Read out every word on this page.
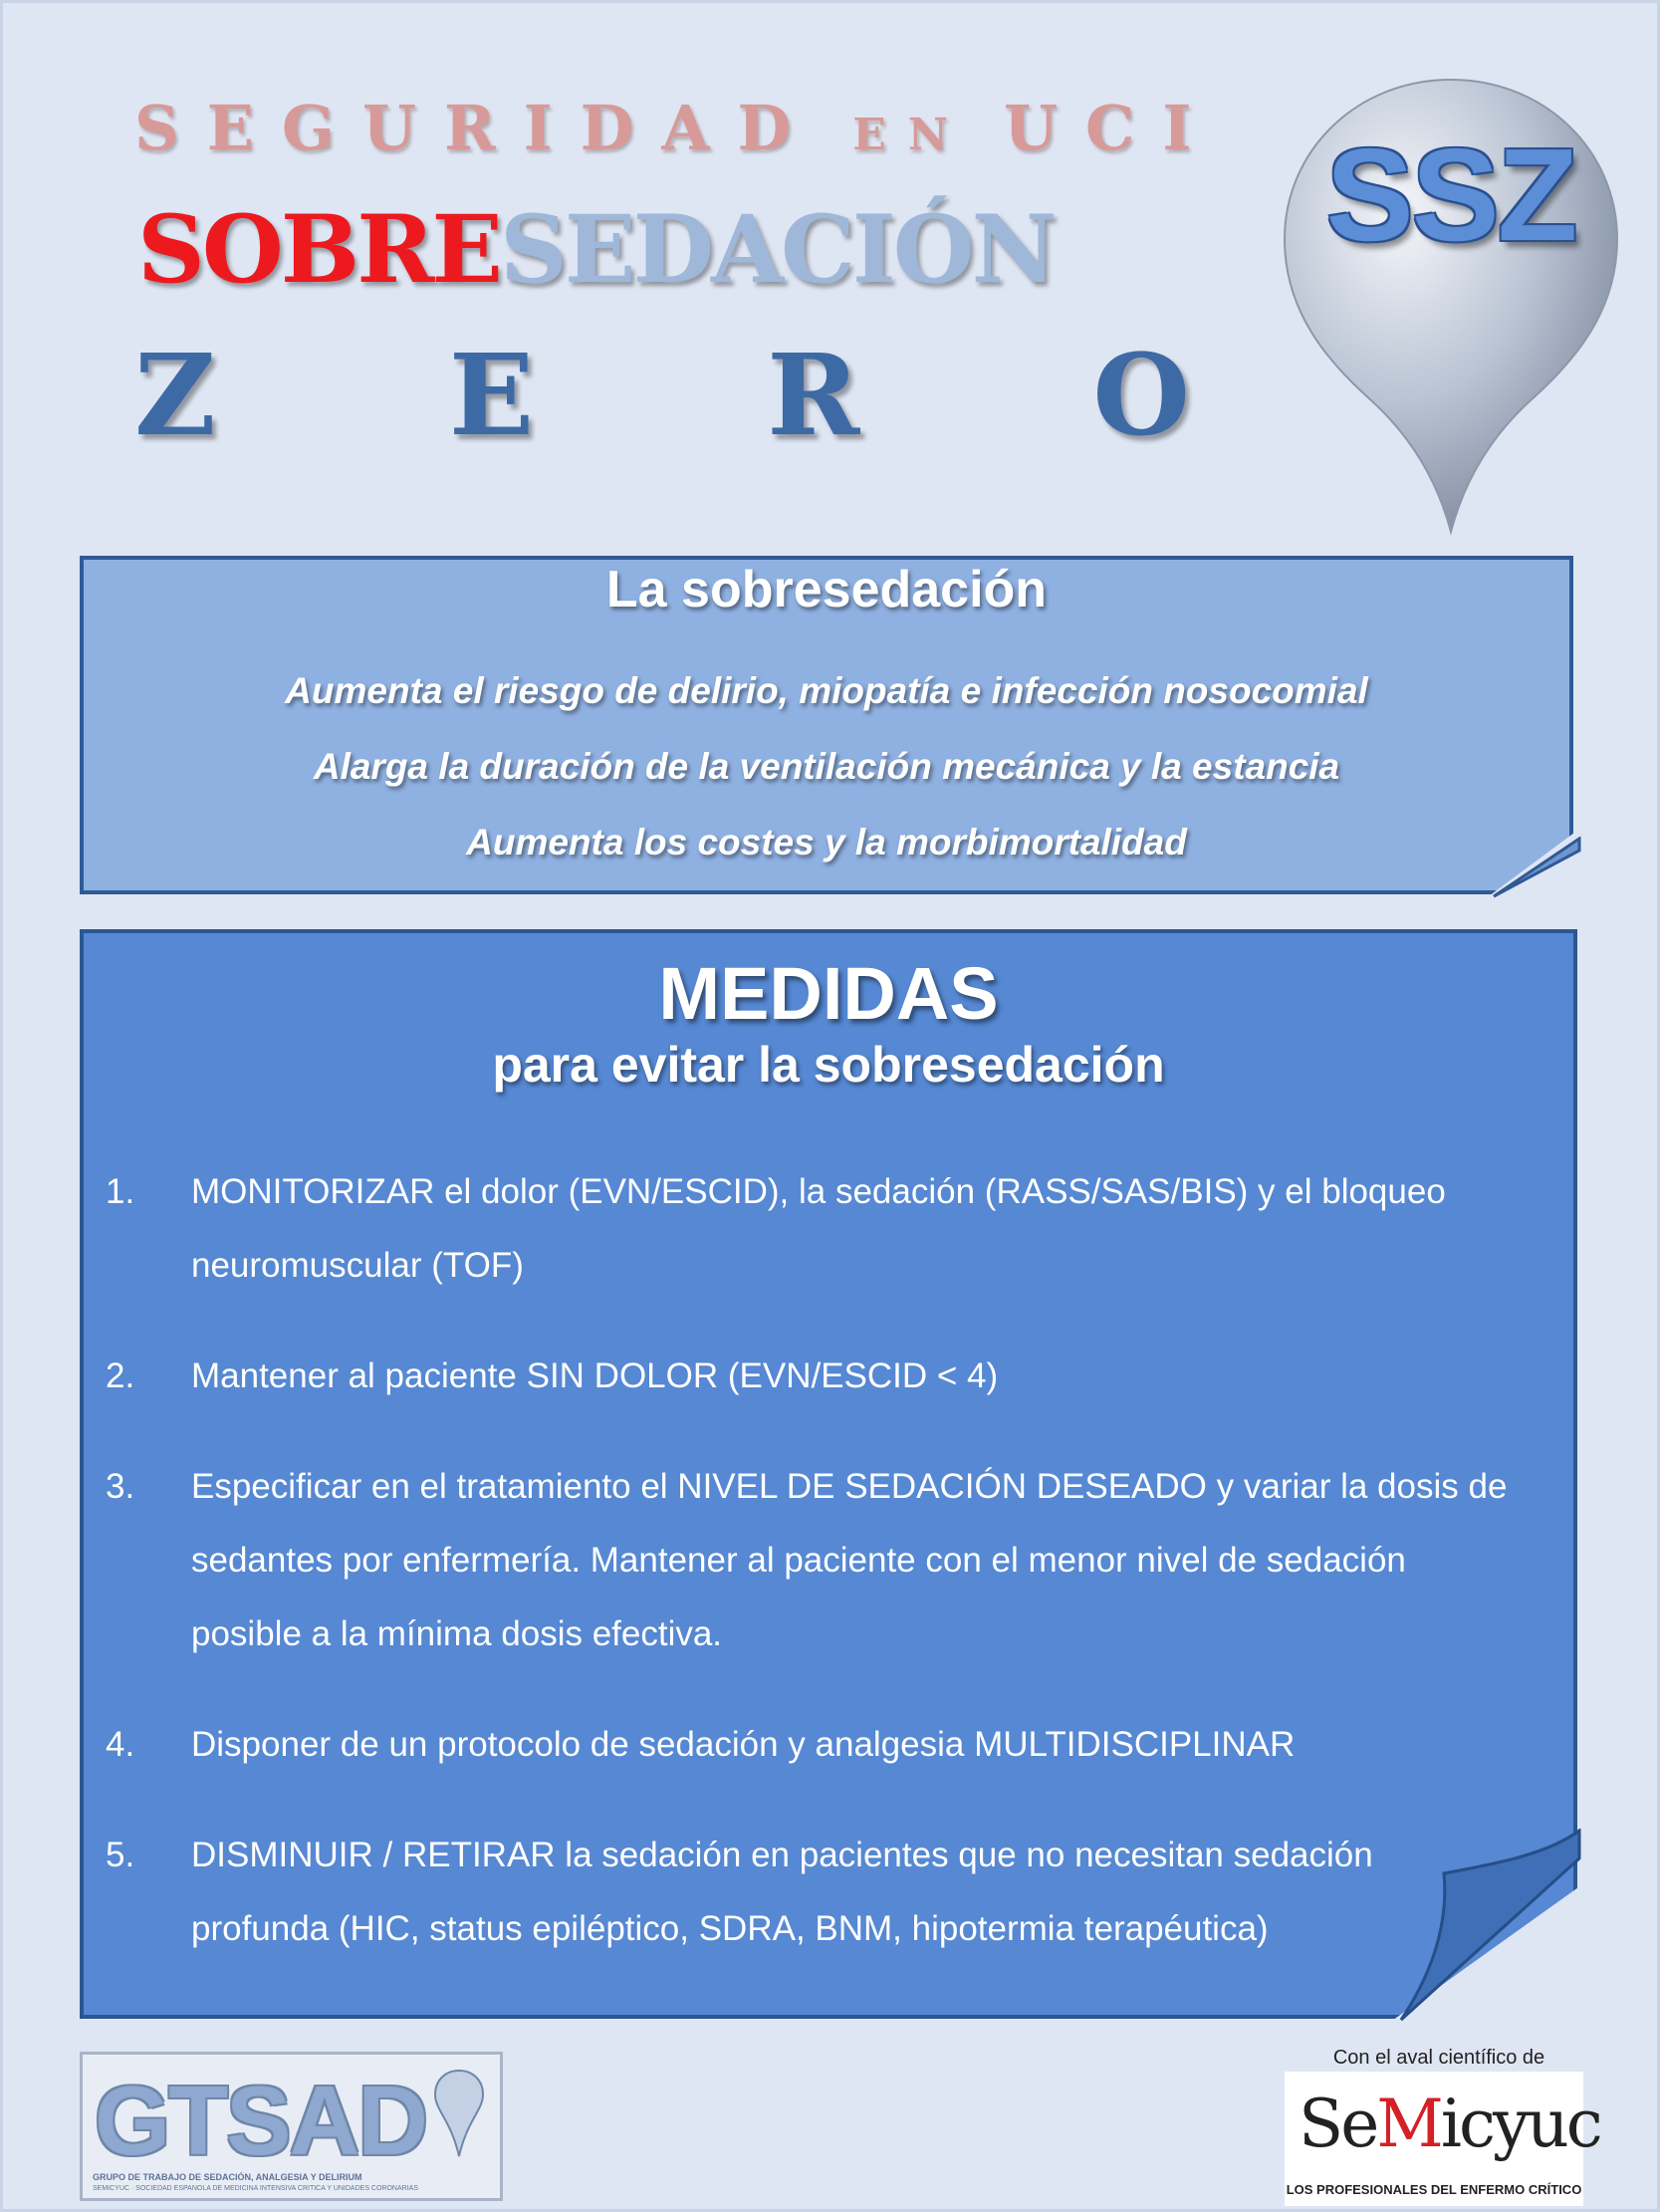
SEGURIDAD EN UCI
SOBRESEDACIÓN
Z E R O
SSZ
La sobresedación
Aumenta el riesgo de delirio, miopatía e infección nosocomial
Alarga la duración de la ventilación mecánica y la estancia
Aumenta los costes y la morbimortalidad
MEDIDAS
para evitar la sobresedación
1. MONITORIZAR el dolor (EVN/ESCID), la sedación (RASS/SAS/BIS) y el bloqueo neuromuscular (TOF)
2. Mantener al paciente SIN DOLOR (EVN/ESCID < 4)
3. Especificar en el tratamiento el NIVEL DE SEDACIÓN DESEADO y variar la dosis de sedantes por enfermería. Mantener al paciente con el menor nivel de sedación posible a la mínima dosis efectiva.
4. Disponer de un protocolo de sedación y analgesia MULTIDISCIPLINAR
5. DISMINUIR / RETIRAR la sedación en pacientes que no necesitan sedación profunda (HIC, status epiléptico, SDRA, BNM, hipotermia terapéutica)
GTSAD
GRUPO DE TRABAJO DE SEDACIÓN, ANALGESIA Y DELIRIUM
SEMICYUC · SOCIEDAD ESPAÑOLA DE MEDICINA INTENSIVA CRÍTICA Y UNIDADES CORONARIAS
Con el aval científico de
SeMicyuc
LOS PROFESIONALES DEL ENFERMO CRÍTICO
